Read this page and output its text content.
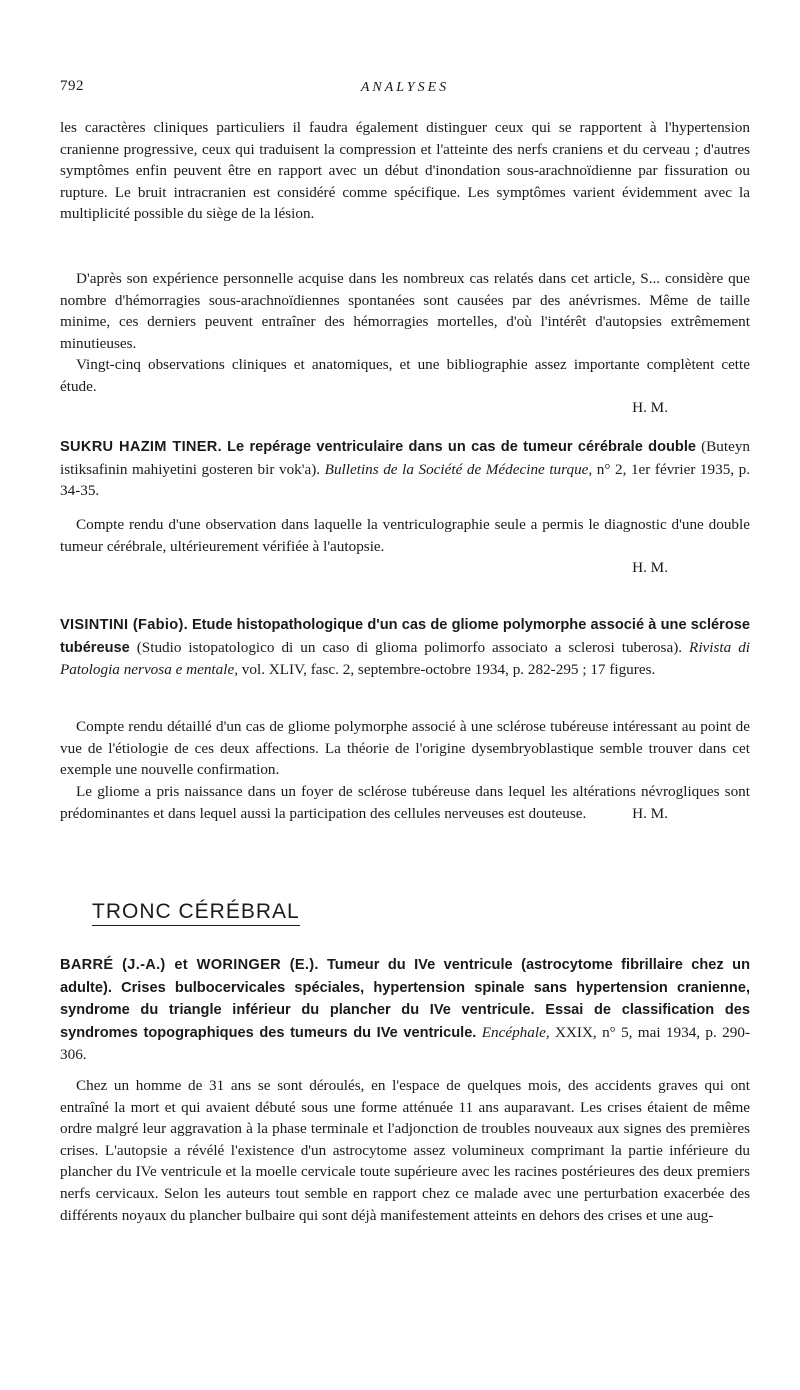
792	ANALYSES

les caractères cliniques particuliers il faudra également distinguer ceux qui se rapportent à l'hypertension cranienne progressive, ceux qui traduisent la compression et l'atteinte des nerfs craniens et du cerveau ; d'autres symptômes enfin peuvent être en rapport avec un début d'inondation sous-arachnoïdienne par fissuration ou rupture. Le bruit intracranien est considéré comme spécifique. Les symptômes varient évidemment avec la multiplicité possible du siège de la lésion.

D'après son expérience personnelle acquise dans les nombreux cas relatés dans cet article, S... considère que nombre d'hémorragies sous-arachnoïdiennes spontanées sont causées par des anévrismes. Même de taille minime, ces derniers peuvent entraîner des hémorragies mortelles, d'où l'intérêt d'autopsies extrêmement minutieuses.

Vingt-cinq observations cliniques et anatomiques, et une bibliographie assez importante complètent cette étude.
H. M.

SUKRU HAZIM TINER. Le repérage ventriculaire dans un cas de tumeur cérébrale double (Buteyn istiksafinin mahiyetini gosteren bir vok'a). Bulletins de la Société de Médecine turque, n° 2, 1er février 1935, p. 34-35.

Compte rendu d'une observation dans laquelle la ventriculographie seule a permis le diagnostic d'une double tumeur cérébrale, ultérieurement vérifiée à l'autopsie.
H. M.

VISINTINI (Fabio). Etude histopathologique d'un cas de gliome polymorphe associé à une sclérose tubéreuse (Studio istopatologico di un caso di glioma polimorfo associato a sclerosi tuberosa). Rivista di Patologia nervosa e mentale, vol. XLIV, fasc. 2, septembre-octobre 1934, p. 282-295 ; 17 figures.

Compte rendu détaillé d'un cas de gliome polymorphe associé à une sclérose tubéreuse intéressant au point de vue de l'étiologie de ces deux affections. La théorie de l'origine dysembryoblastique semble trouver dans cet exemple une nouvelle confirmation.

Le gliome a pris naissance dans un foyer de sclérose tubéreuse dans lequel les altérations névrogliques sont prédominantes et dans lequel aussi la participation des cellules nerveuses est douteuse.	H. M.

TRONC CÉRÉBRAL

BARRÉ (J.-A.) et WORINGER (E.). Tumeur du IVe ventricule (astrocytome fibrillaire chez un adulte). Crises bulbocervicales spéciales, hypertension spinale sans hypertension cranienne, syndrome du triangle inférieur du plancher du IVe ventricule. Essai de classification des syndromes topographiques des tumeurs du IVe ventricule. Encéphale, XXIX, n° 5, mai 1934, p. 290-306.

Chez un homme de 31 ans se sont déroulés, en l'espace de quelques mois, des accidents graves qui ont entraîné la mort et qui avaient débuté sous une forme atténuée 11 ans auparavant. Les crises étaient de même ordre malgré leur aggravation à la phase terminale et l'adjonction de troubles nouveaux aux signes des premières crises. L'autopsie a révélé l'existence d'un astrocytome assez volumineux comprimant la partie inférieure du plancher du IVe ventricule et la moelle cervicale toute supérieure avec les racines postérieures des deux premiers nerfs cervicaux. Selon les auteurs tout semble en rapport chez ce malade avec une perturbation exacerbée des différents noyaux du plancher bulbaire qui sont déjà manifestement atteints en dehors des crises et une aug-
